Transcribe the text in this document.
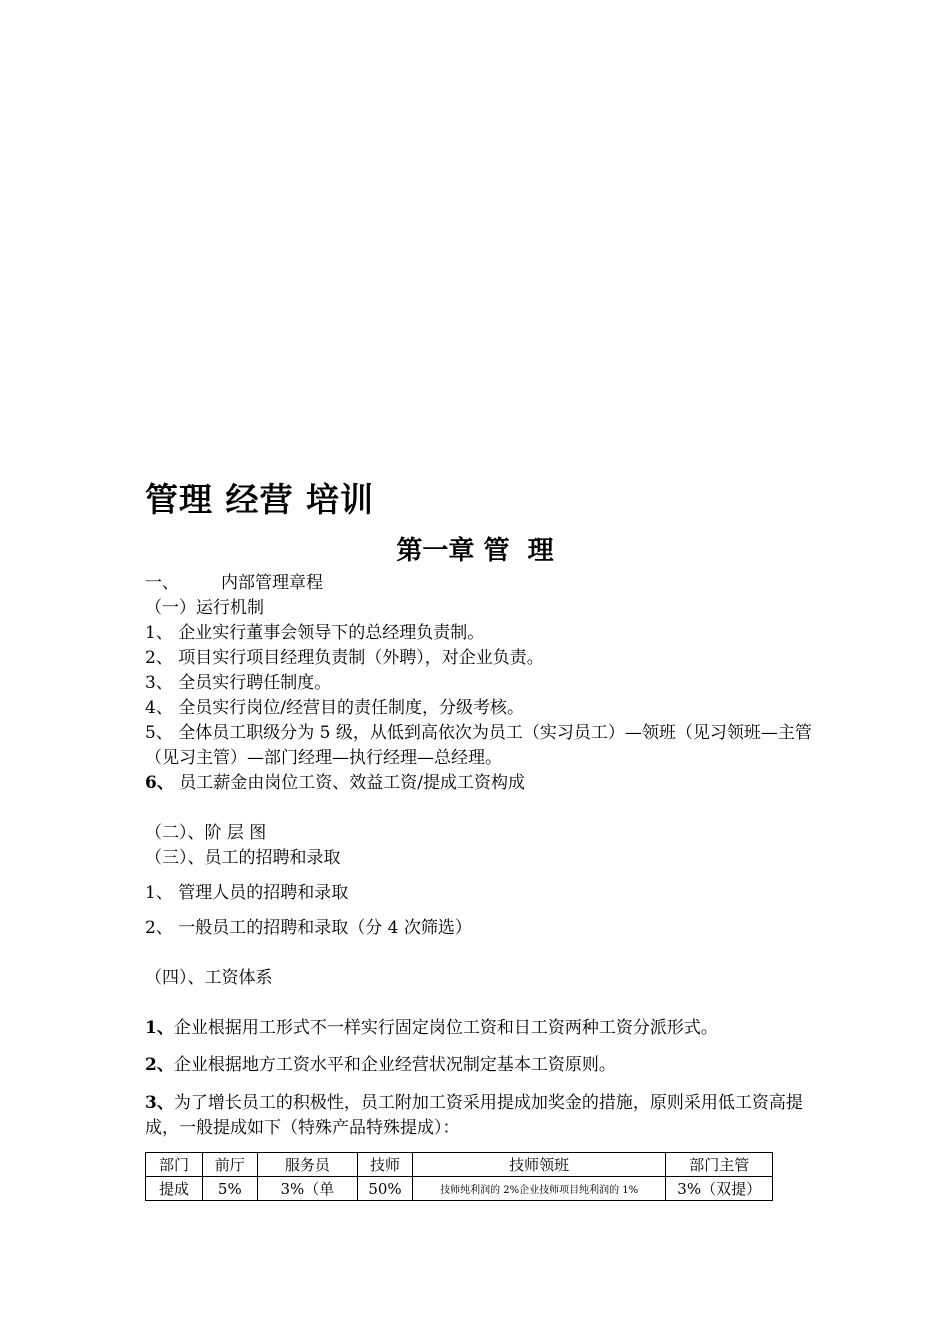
管理 经营 培训
第一章 管  理
一、 内部管理章程
（一）运行机制
1、 企业实行董事会领导下的总经理负责制。
2、 项目实行项目经理负责制（外聘），对企业负责。
3、 全员实行聘任制度。
4、 全员实行岗位/经营目的责任制度，分级考核。
5、 全体员工职级分为 5 级，从低到高依次为员工（实习员工）—领班（见习领班—主管（见习主管）—部门经理—执行经理—总经理。
6、 员工薪金由岗位工资、效益工资/提成工资构成
（二）、阶 层 图
（三）、员工的招聘和录取
1、 管理人员的招聘和录取
2、 一般员工的招聘和录取（分 4 次筛选）
（四）、工资体系
1、企业根据用工形式不一样实行固定岗位工资和日工资两种工资分派形式。
2、企业根据地方工资水平和企业经营状况制定基本工资原则。
3、为了增长员工的积极性，员工附加工资采用提成加奖金的措施，原则采用低工资高提成，一般提成如下（特殊产品特殊提成）：
部门	前厅	服务员	技师	技师领班	部门主管
提成	5%	3%（单	50%	技师纯利润的 2%企业技师项目纯利润的 1%	3%（双提）
